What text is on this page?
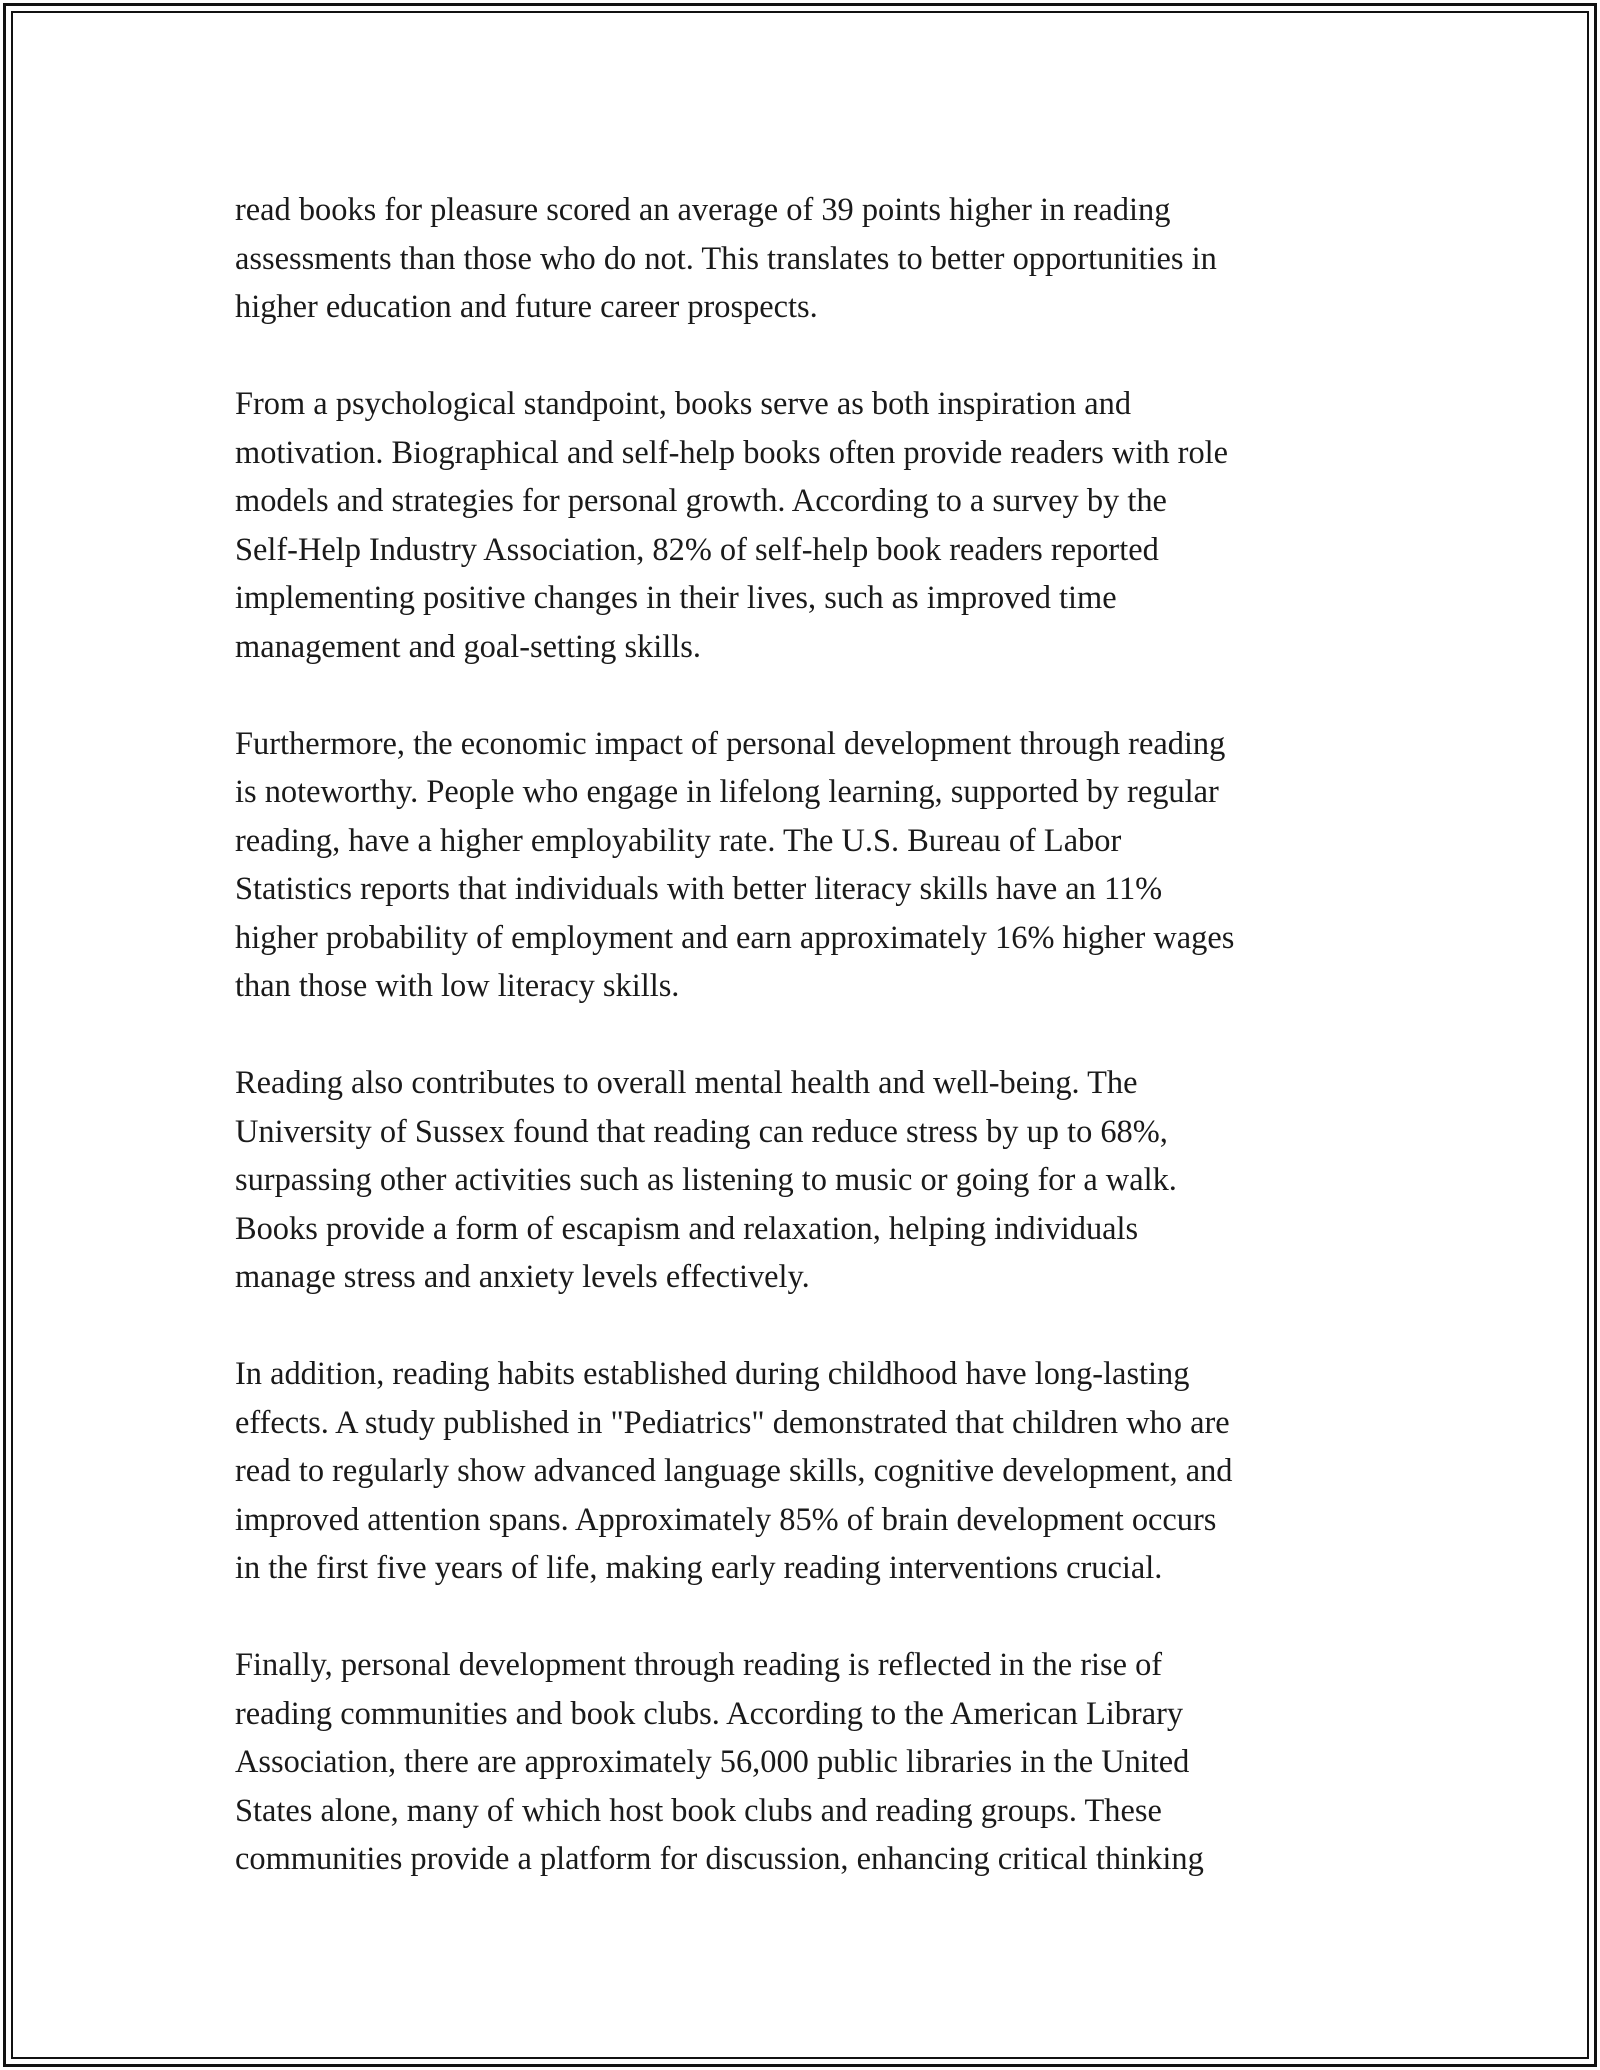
read books for pleasure scored an average of 39 points higher in reading
assessments than those who do not. This translates to better opportunities in
higher education and future career prospects.

From a psychological standpoint, books serve as both inspiration and
motivation. Biographical and self-help books often provide readers with role
models and strategies for personal growth. According to a survey by the
Self-Help Industry Association, 82% of self-help book readers reported
implementing positive changes in their lives, such as improved time
management and goal-setting skills.

Furthermore, the economic impact of personal development through reading
is noteworthy. People who engage in lifelong learning, supported by regular
reading, have a higher employability rate. The U.S. Bureau of Labor
Statistics reports that individuals with better literacy skills have an 11%
higher probability of employment and earn approximately 16% higher wages
than those with low literacy skills.

Reading also contributes to overall mental health and well-being. The
University of Sussex found that reading can reduce stress by up to 68%,
surpassing other activities such as listening to music or going for a walk.
Books provide a form of escapism and relaxation, helping individuals
manage stress and anxiety levels effectively.

In addition, reading habits established during childhood have long-lasting
effects. A study published in "Pediatrics" demonstrated that children who are
read to regularly show advanced language skills, cognitive development, and
improved attention spans. Approximately 85% of brain development occurs
in the first five years of life, making early reading interventions crucial.

Finally, personal development through reading is reflected in the rise of
reading communities and book clubs. According to the American Library
Association, there are approximately 56,000 public libraries in the United
States alone, many of which host book clubs and reading groups. These
communities provide a platform for discussion, enhancing critical thinking
